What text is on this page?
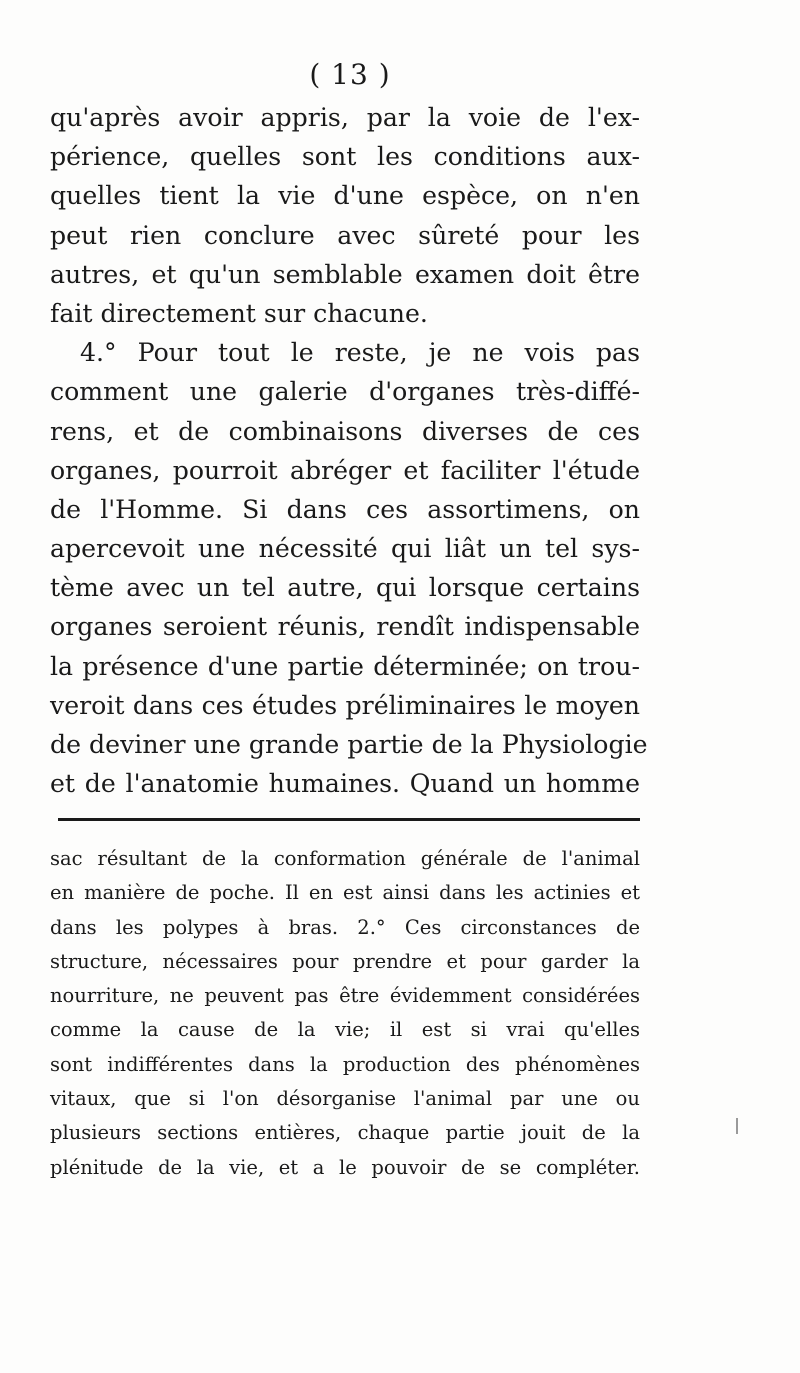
( 13 )
qu'après avoir appris, par la voie de l'ex-
périence, quelles sont les conditions aux-
quelles tient la vie d'une espèce, on n'en
peut rien conclure avec sûreté pour les
autres, et qu'un semblable examen doit être
fait directement sur chacune.
4.° Pour tout le reste, je ne vois pas
comment une galerie d'organes très-diffé-
rens, et de combinaisons diverses de ces
organes, pourroit abréger et faciliter l'étude
de l'Homme. Si dans ces assortimens, on
apercevoit une nécessité qui liât un tel sys-
tème avec un tel autre, qui lorsque certains
organes seroient réunis, rendît indispensable
la présence d'une partie déterminée; on trou-
veroit dans ces études préliminaires le moyen
de deviner une grande partie de la Physiologie
et de l'anatomie humaines. Quand un homme
sac résultant de la conformation générale de l'animal
en manière de poche. Il en est ainsi dans les actinies et
dans les polypes à bras. 2.° Ces circonstances de
structure, nécessaires pour prendre et pour garder la
nourriture, ne peuvent pas être évidemment considérées
comme la cause de la vie; il est si vrai qu'elles
sont indifférentes dans la production des phénomènes
vitaux, que si l'on désorganise l'animal par une ou
plusieurs sections entières, chaque partie jouit de la
plénitude de la vie, et a le pouvoir de se compléter.
